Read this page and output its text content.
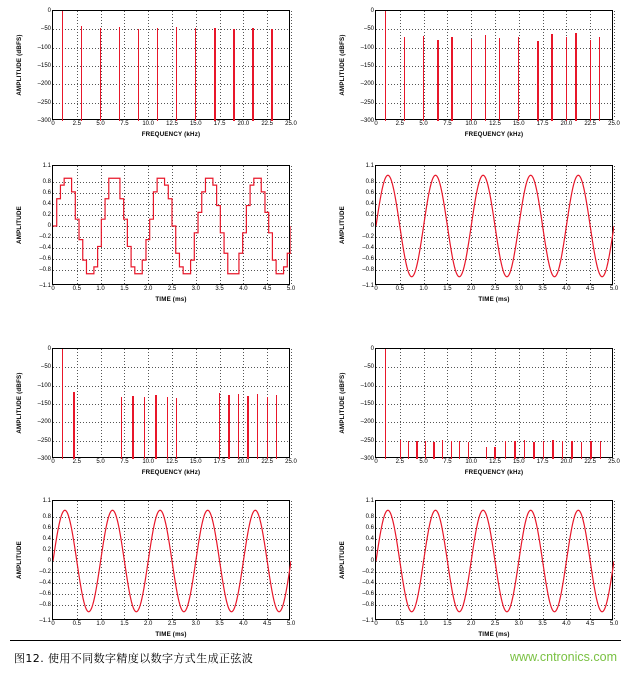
0	2.5	5.0	7.5 10.0 12.5 15.0 17.5 20.0 22.5 25.0
0
–50
–100
–150
–200
–250
–300
FREQUENCY (kHz)
AMPLITUDE (dBFS)
0	2.5	5.0	7.5 10.0 12.5 15.0 17.5 20.0 22.5 25.0
0
–50
–100
–150
–200
–250
–300
FREQUENCY (kHz)
AMPLITUDE (dBFS)
0	0.5	1.0	1.5	2.0	2.5	3.0	3.5	4.0	4.5	5.0
1.1
0.8
0.6
0.4
0.2
0
–0.2
–0.4
–0.6
–0.8
–1.1
TIME (ms)
AMPLITUDE
0	0.5	1.0	1.5	2.0	2.5	3.0	3.5	4.0	4.5	5.0
1.1
0.8
0.6
0.4
0.2
0
–0.2
–0.4
–0.6
–0.8
–1.1
TIME (ms)
AMPLITUDE
0	2.5	5.0	7.5 10.0 12.5 15.0 17.5 20.0 22.5 25.0
0
–50
–100
–150
–200
–250
–300
FREQUENCY (kHz)
AMPLITUDE (dBFS)
0	2.5	5.0	7.5 10.0 12.5 15.0 17.5 20.0 22.5 25.0
0
–50
–100
–150
–200
–250
–300
FREQUENCY (kHz)
AMPLITUDE (dBFS)
0	0.5	1.0	1.5	2.0	2.5	3.0	3.5	4.0	4.5	5.0
1.1
0.8
0.6
0.4
0.2
0
–0.2
–0.4
–0.6
–0.8
–1.1
TIME (ms)
AMPLITUDE
0	0.5	1.0	1.5	2.0	2.5	3.0	3.5	4.0	4.5	5.0
1.1
0.8
0.6
0.4
0.2
0
–0.2
–0.4
–0.6
–0.8
–1.1
TIME (ms)
AMPLITUDE
图12. 使用不同数字精度以数字方式生成正弦波	www.cntronics.com
